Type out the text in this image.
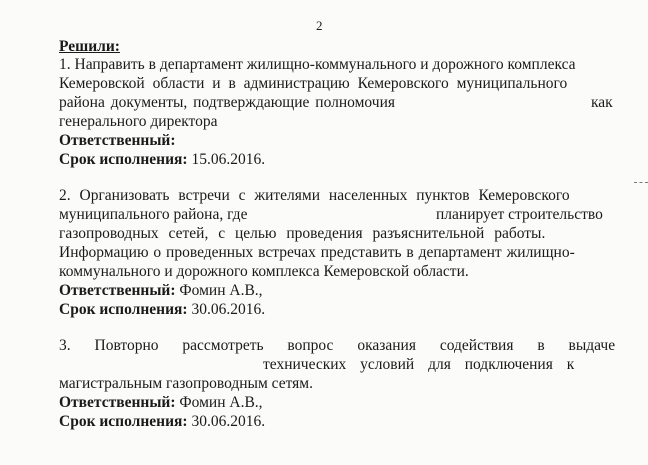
2
Решили:
1. Направить в департамент жилищно-коммунального и дорожного комплекса
Кемеровской области и в администрацию Кемеровского муниципального
района документы, подтверждающие полномочия	как
генерального директора
Ответственный:
Срок исполнения: 15.06.2016.
2. Организовать встречи с жителями населенных пунктов Кемеровского
муниципального района, где	планирует строительство
газопроводных сетей, с целью проведения разъяснительной работы.
Информацию о проведенных встречах представить в департамент жилищно-
коммунального и дорожного комплекса Кемеровской области.
Ответственный: Фомин А.В.,
Срок исполнения: 30.06.2016.
3. Повторно рассмотреть вопрос оказания содействия в выдаче
технических условий для подключения к
магистральным газопроводным сетям.
Ответственный: Фомин А.В.,
Срок исполнения: 30.06.2016.
